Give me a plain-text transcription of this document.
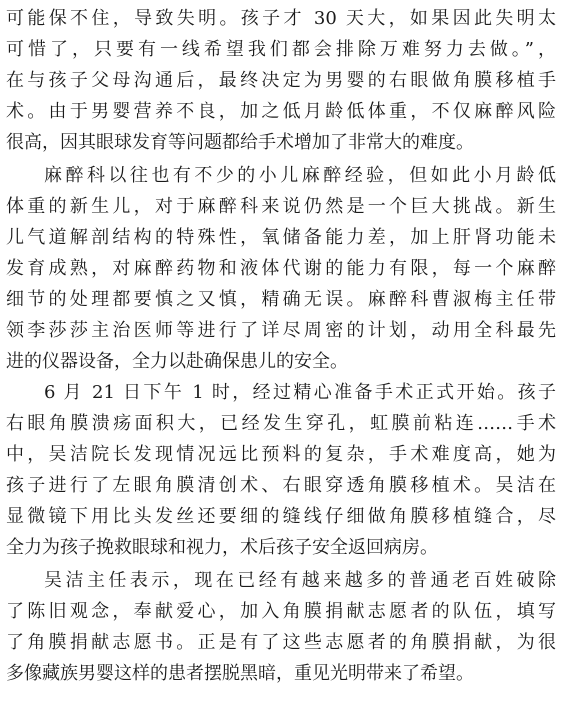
可能保不住，导致失明。孩子才 30 天大，如果因此失明太
可惜了，只要有一线希望我们都会排除万难努力去做。”，
在与孩子父母沟通后，最终决定为男婴的右眼做角膜移植手
术。由于男婴营养不良，加之低月龄低体重，不仅麻醉风险
很高，因其眼球发育等问题都给手术增加了非常大的难度。
麻醉科以往也有不少的小儿麻醉经验，但如此小月龄低
体重的新生儿，对于麻醉科来说仍然是一个巨大挑战。新生
儿气道解剖结构的特殊性，氧储备能力差，加上肝肾功能未
发育成熟，对麻醉药物和液体代谢的能力有限，每一个麻醉
细节的处理都要慎之又慎，精确无误。麻醉科曹淑梅主任带
领李莎莎主治医师等进行了详尽周密的计划，动用全科最先
进的仪器设备，全力以赴确保患儿的安全。
6 月 21 日下午 1 时，经过精心准备手术正式开始。孩子
右眼角膜溃疡面积大，已经发生穿孔，虹膜前粘连……手术
中，吴洁院长发现情况远比预料的复杂，手术难度高，她为
孩子进行了左眼角膜清创术、右眼穿透角膜移植术。吴洁在
显微镜下用比头发丝还要细的缝线仔细做角膜移植缝合，尽
全力为孩子挽救眼球和视力，术后孩子安全返回病房。
吴洁主任表示，现在已经有越来越多的普通老百姓破除
了陈旧观念，奉献爱心，加入角膜捐献志愿者的队伍，填写
了角膜捐献志愿书。正是有了这些志愿者的角膜捐献，为很
多像藏族男婴这样的患者摆脱黑暗，重见光明带来了希望。
